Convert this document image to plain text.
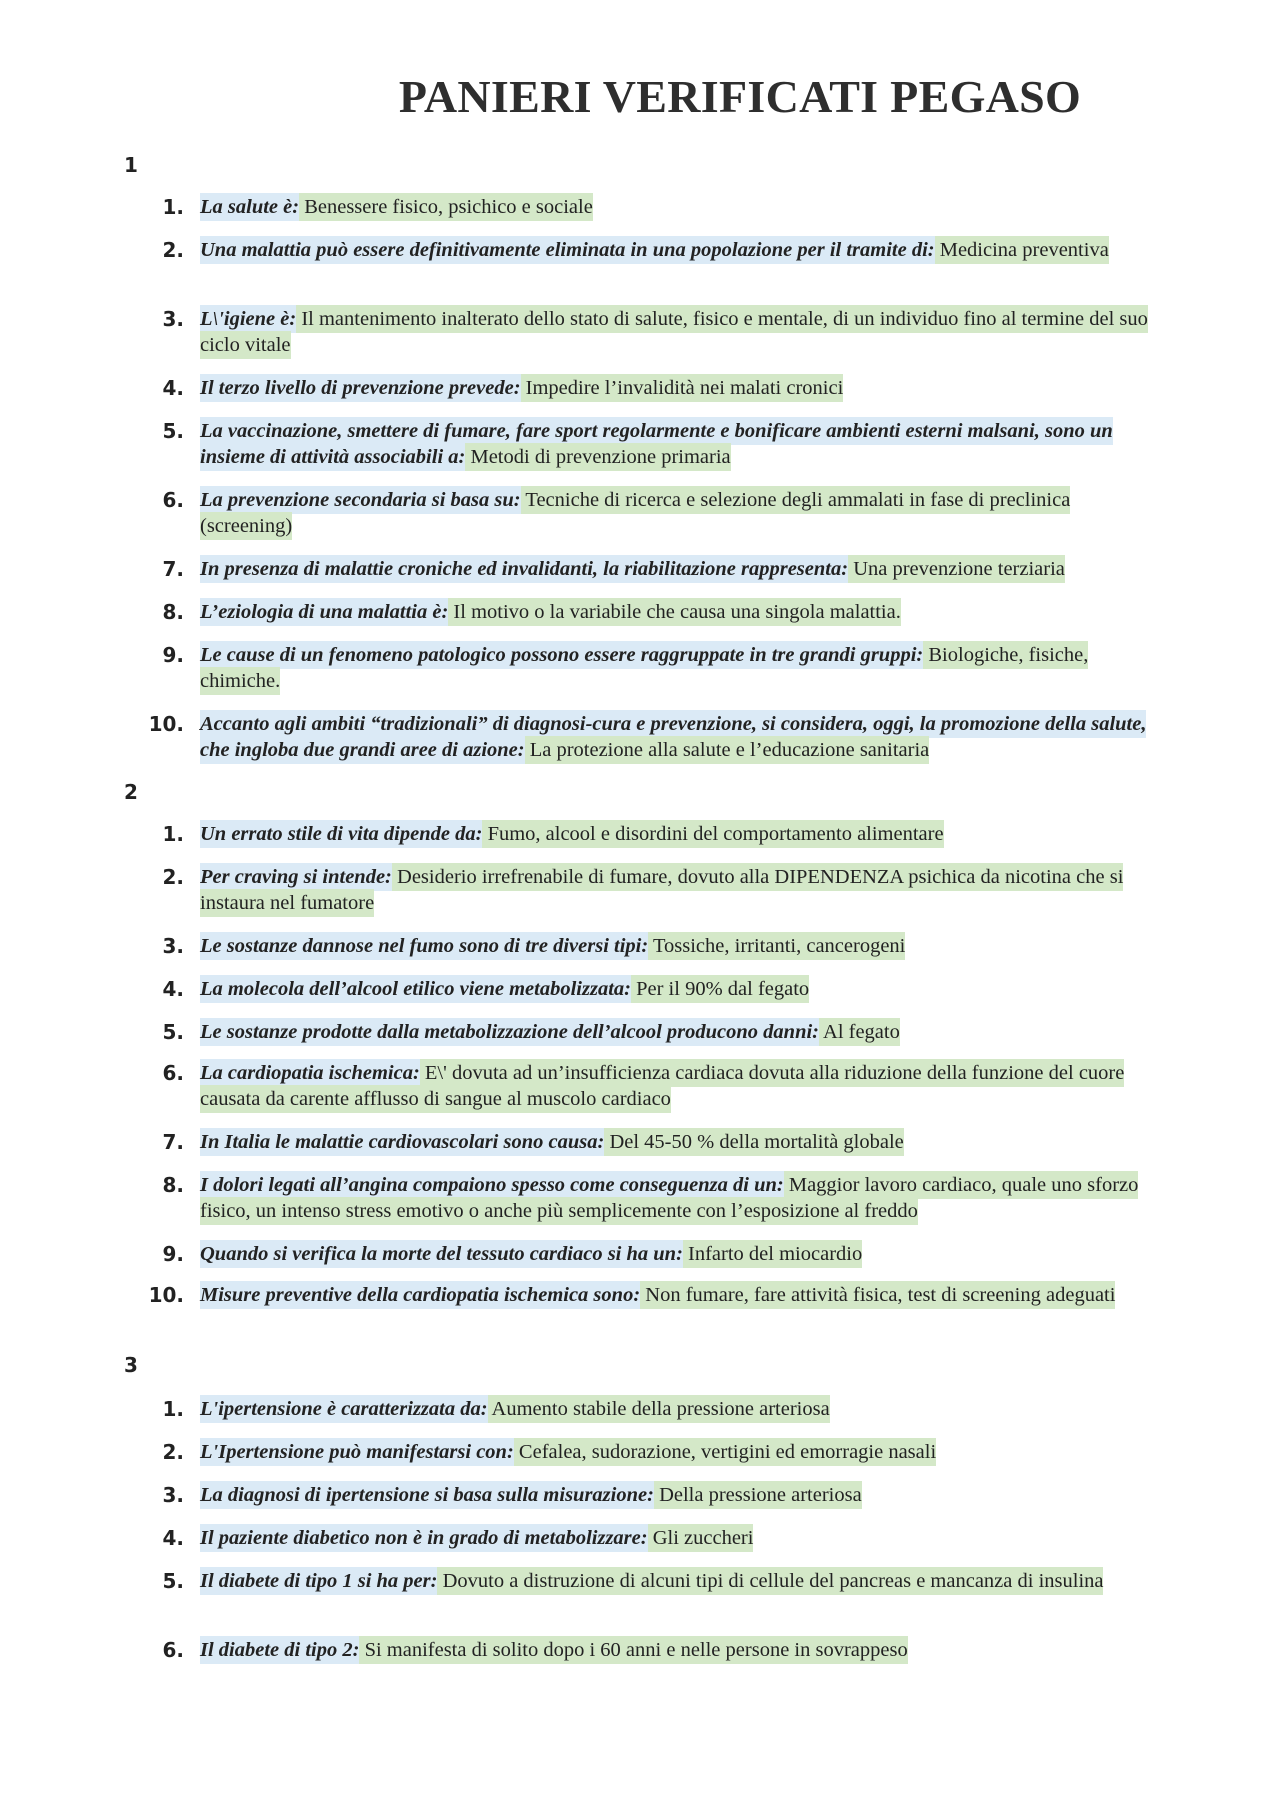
PANIERI VERIFICATI PEGASO
1
1. La salute è: Benessere fisico, psichico e sociale
2. Una malattia può essere definitivamente eliminata in una popolazione per il tramite di: Medicina preventiva
3. L\'igiene è: Il mantenimento inalterato dello stato di salute, fisico e mentale, di un individuo fino al termine del suo ciclo vitale
4. Il terzo livello di prevenzione prevede: Impedire l’invalidità nei malati cronici
5. La vaccinazione, smettere di fumare, fare sport regolarmente e bonificare ambienti esterni malsani, sono un insieme di attività associabili a: Metodi di prevenzione primaria
6. La prevenzione secondaria si basa su: Tecniche di ricerca e selezione degli ammalati in fase di preclinica (screening)
7. In presenza di malattie croniche ed invalidanti, la riabilitazione rappresenta: Una prevenzione terziaria
8. L’eziologia di una malattia è: Il motivo o la variabile che causa una singola malattia.
9. Le cause di un fenomeno patologico possono essere raggruppate in tre grandi gruppi: Biologiche, fisiche, chimiche.
10. Accanto agli ambiti “tradizionali” di diagnosi-cura e prevenzione, si considera, oggi, la promozione della salute, che ingloba due grandi aree di azione: La protezione alla salute e l’educazione sanitaria
2
1. Un errato stile di vita dipende da: Fumo, alcool e disordini del comportamento alimentare
2. Per craving si intende: Desiderio irrefrenabile di fumare, dovuto alla DIPENDENZA psichica da nicotina che si instaura nel fumatore
3. Le sostanze dannose nel fumo sono di tre diversi tipi: Tossiche, irritanti, cancerogeni
4. La molecola dell’alcool etilico viene metabolizzata: Per il 90% dal fegato
5. Le sostanze prodotte dalla metabolizzazione dell’alcool producono danni: Al fegato
6. La cardiopatia ischemica: E\' dovuta ad un’insufficienza cardiaca dovuta alla riduzione della funzione del cuore causata da carente afflusso di sangue al muscolo cardiaco
7. In Italia le malattie cardiovascolari sono causa: Del 45-50 % della mortalità globale
8. I dolori legati all’angina compaiono spesso come conseguenza di un: Maggior lavoro cardiaco, quale uno sforzo fisico, un intenso stress emotivo o anche più semplicemente con l’esposizione al freddo
9. Quando si verifica la morte del tessuto cardiaco si ha un: Infarto del miocardio
10. Misure preventive della cardiopatia ischemica sono: Non fumare, fare attività fisica, test di screening adeguati
3
1. L'ipertensione è caratterizzata da: Aumento stabile della pressione arteriosa
2. L'Ipertensione può manifestarsi con: Cefalea, sudorazione, vertigini ed emorragie nasali
3. La diagnosi di ipertensione si basa sulla misurazione: Della pressione arteriosa
4. Il paziente diabetico non è in grado di metabolizzare: Gli zuccheri
5. Il diabete di tipo 1 si ha per: Dovuto a distruzione di alcuni tipi di cellule del pancreas e mancanza di insulina
6. Il diabete di tipo 2: Si manifesta di solito dopo i 60 anni e nelle persone in sovrappeso
